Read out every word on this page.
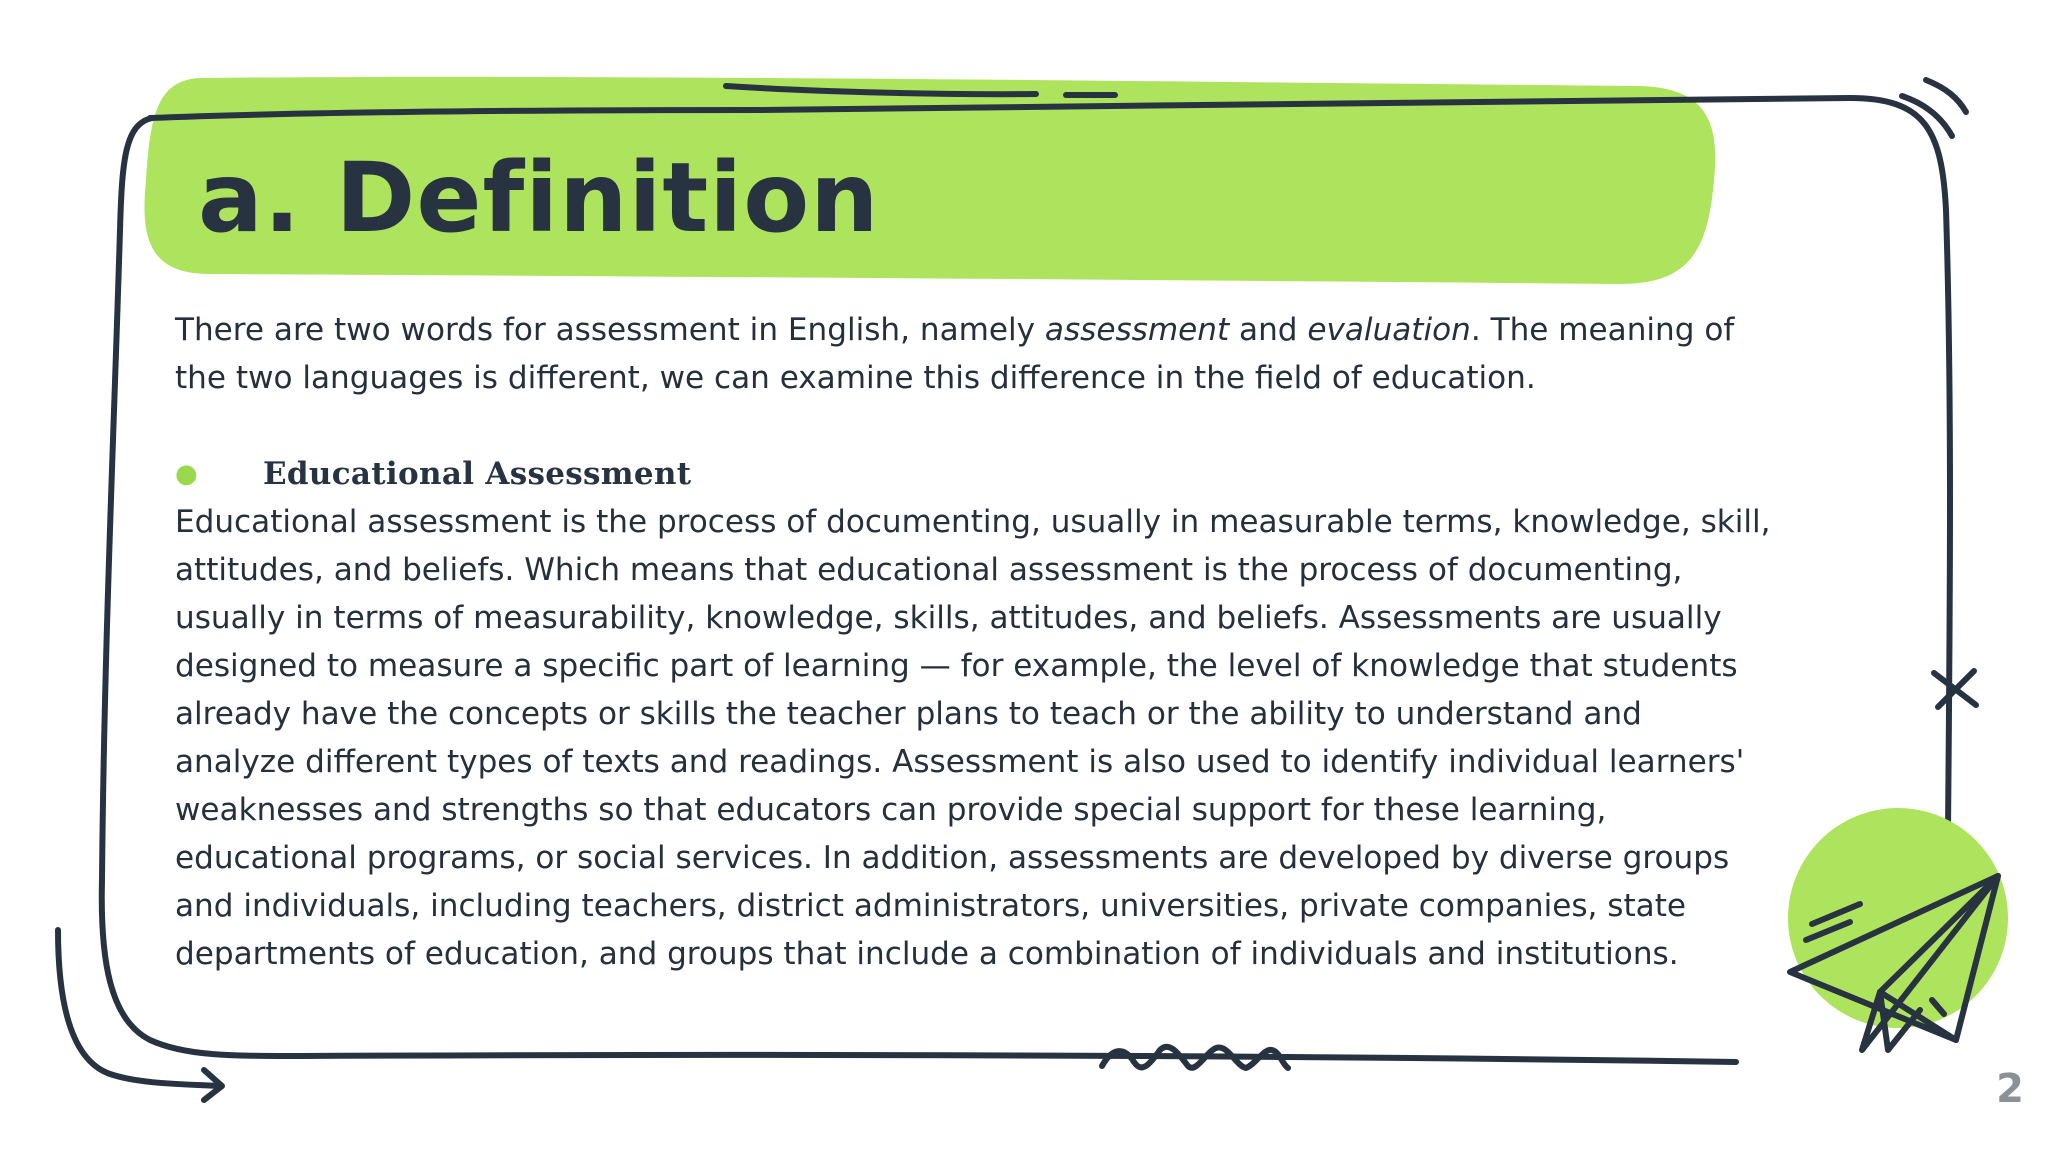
a. Definition

There are two words for assessment in English, namely assessment and evaluation. The meaning of
the two languages is different, we can examine this difference in the field of education.

●	Educational Assessment

Educational assessment is the process of documenting, usually in measurable terms, knowledge, skill,
attitudes, and beliefs. Which means that educational assessment is the process of documenting,
usually in terms of measurability, knowledge, skills, attitudes, and beliefs. Assessments are usually
designed to measure a specific part of learning — for example, the level of knowledge that students
already have the concepts or skills the teacher plans to teach or the ability to understand and
analyze different types of texts and readings. Assessment is also used to identify individual learners'
weaknesses and strengths so that educators can provide special support for these learning,
educational programs, or social services. In addition, assessments are developed by diverse groups
and individuals, including teachers, district administrators, universities, private companies, state
departments of education, and groups that include a combination of individuals and institutions.

2
